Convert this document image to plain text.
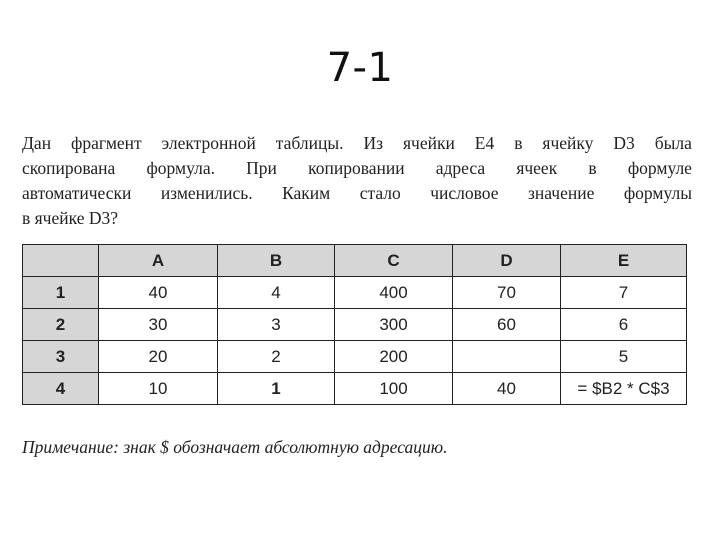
7-1
Дан фрагмент электронной таблицы. Из ячейки E4 в ячейку D3 была
скопирована формула. При копировании адреса ячеек в формуле
автоматически изменились. Каким стало числовое значение формулы
в ячейке D3?
	A	B	C	D	E
1	40	4	400	70	7
2	30	3	300	60	6
3	20	2	200		5
4	10	1	100	40	= $B2 * C$3
Примечание: знак $ обозначает абсолютную адресацию.
